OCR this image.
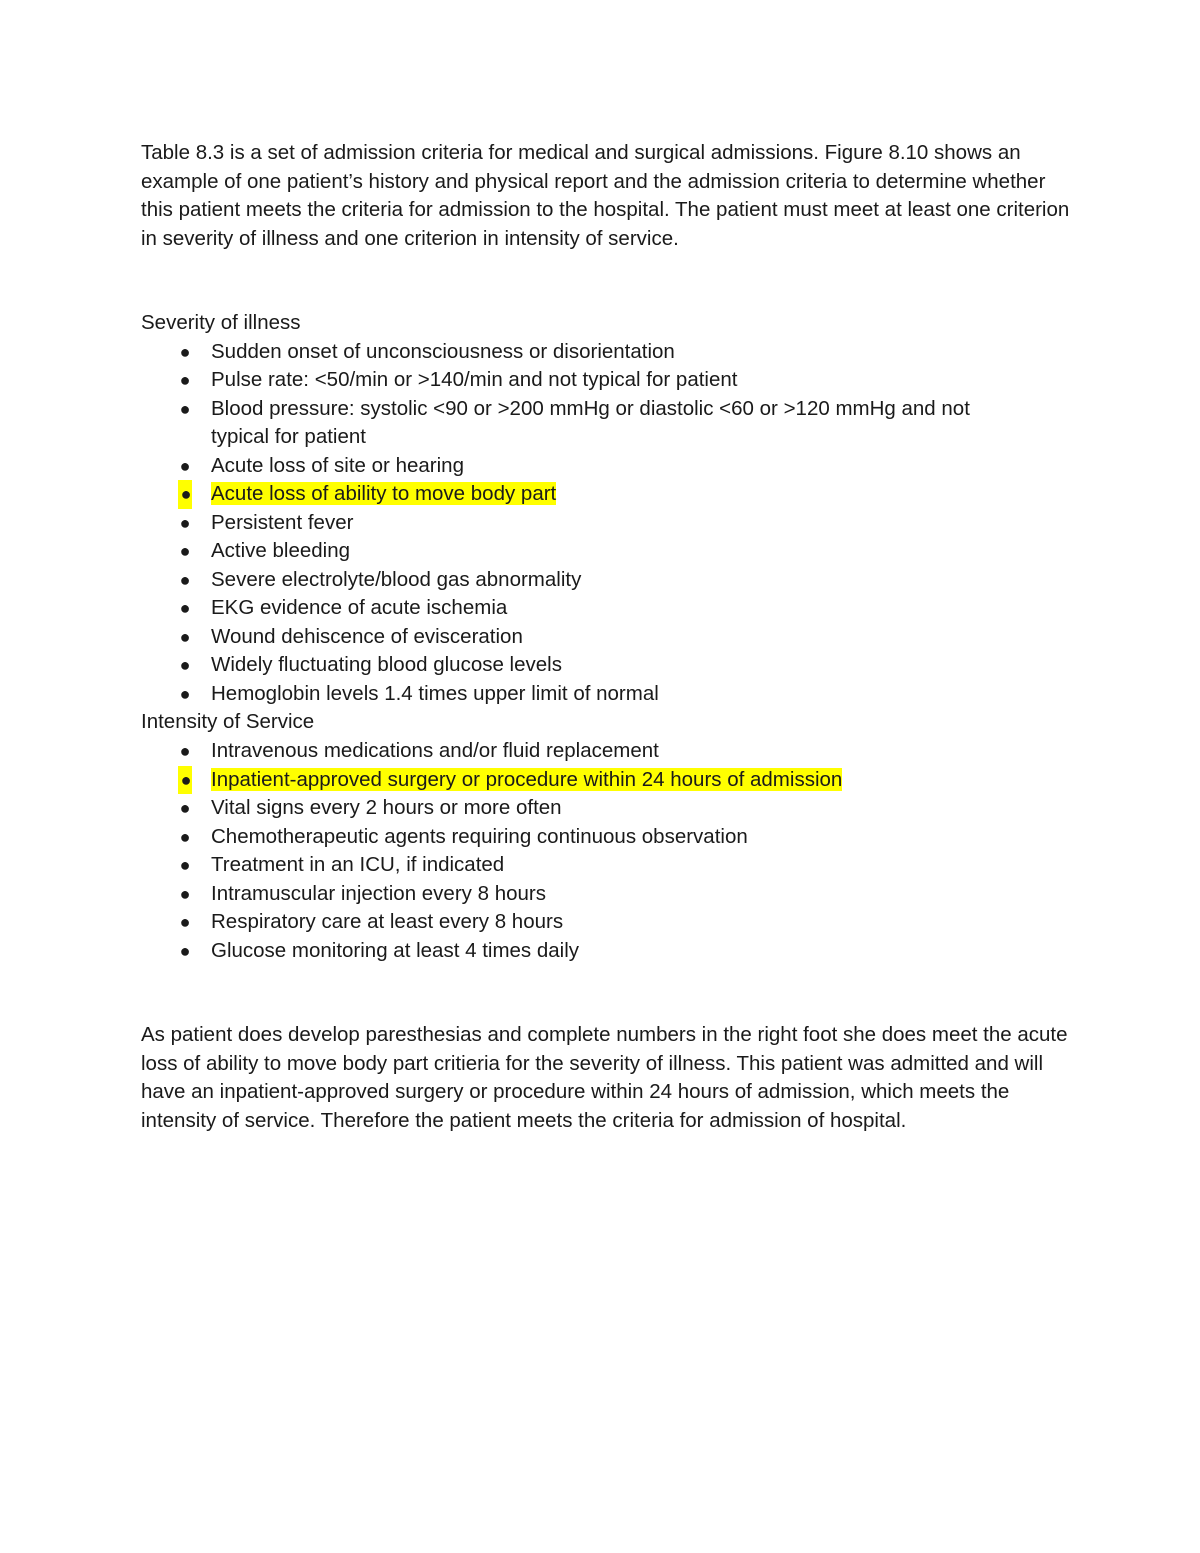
Table 8.3 is a set of admission criteria for medical and surgical admissions. Figure 8.10 shows an example of one patient’s history and physical report and the admission criteria to determine whether this patient meets the criteria for admission to the hospital. The patient must meet at least one criterion in severity of illness and one criterion in intensity of service.

Severity of illness

● Sudden onset of unconsciousness or disorientation
● Pulse rate: <50/min or >140/min and not typical for patient
● Blood pressure: systolic <90 or >200 mmHg or diastolic <60 or >120 mmHg and not typical for patient
● Acute loss of site or hearing
● Acute loss of ability to move body part
● Persistent fever
● Active bleeding
● Severe electrolyte/blood gas abnormality
● EKG evidence of acute ischemia
● Wound dehiscence of evisceration
● Widely fluctuating blood glucose levels
● Hemoglobin levels 1.4 times upper limit of normal

Intensity of Service

● Intravenous medications and/or fluid replacement
● Inpatient-approved surgery or procedure within 24 hours of admission
● Vital signs every 2 hours or more often
● Chemotherapeutic agents requiring continuous observation
● Treatment in an ICU, if indicated
● Intramuscular injection every 8 hours
● Respiratory care at least every 8 hours
● Glucose monitoring at least 4 times daily

As patient does develop paresthesias and complete numbers in the right foot she does meet the acute loss of ability to move body part critieria for the severity of illness. This patient was admitted and will have an inpatient-approved surgery or procedure within 24 hours of admission, which meets the intensity of service. Therefore the patient meets the criteria for admission of hospital.
